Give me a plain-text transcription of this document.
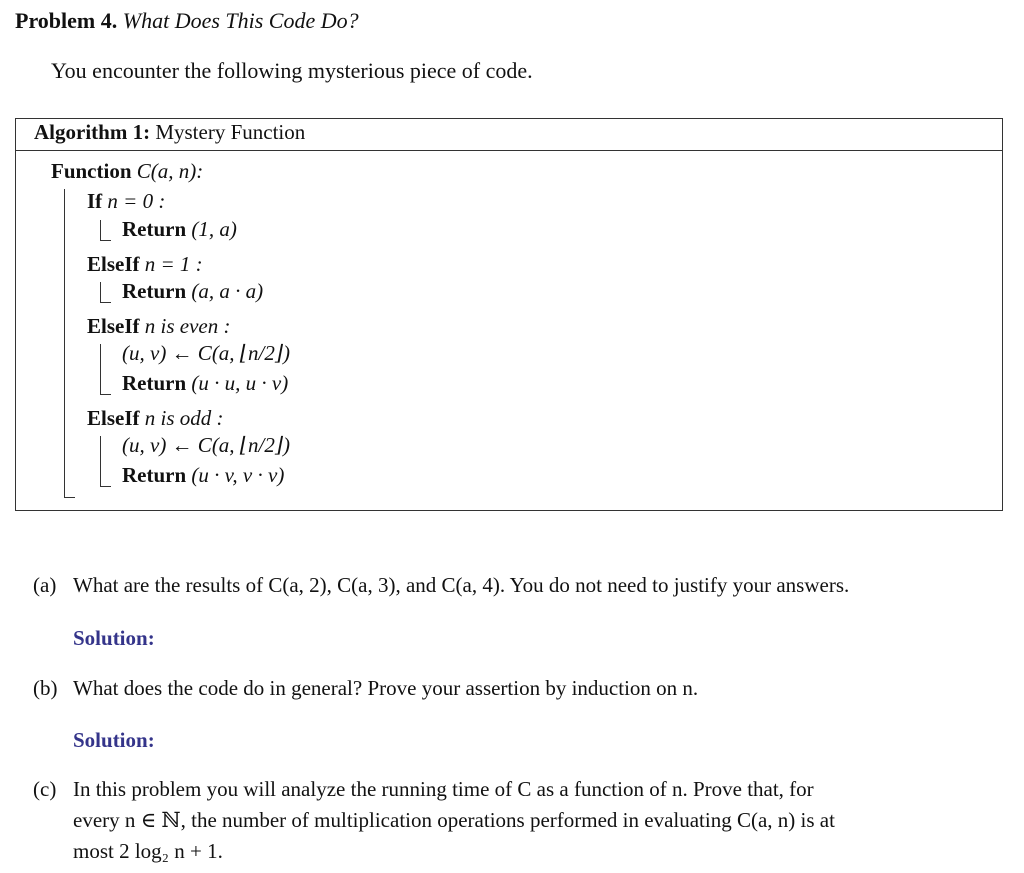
Problem 4. What Does This Code Do?
You encounter the following mysterious piece of code.
Algorithm 1: Mystery Function
Function C(a, n):
If n = 0 :
Return (1, a)
ElseIf n = 1 :
Return (a, a · a)
ElseIf n is even :
(u, v) ← C(a, ⌊n/2⌋)
Return (u · u, u · v)
ElseIf n is odd :
(u, v) ← C(a, ⌊n/2⌋)
Return (u · v, v · v)
(a) What are the results of C(a, 2), C(a, 3), and C(a, 4). You do not need to justify your answers.
Solution:
(b) What does the code do in general? Prove your assertion by induction on n.
Solution:
(c) In this problem you will analyze the running time of C as a function of n. Prove that, for
every n ∈ ℕ, the number of multiplication operations performed in evaluating C(a, n) is at
most 2 log₂ n + 1.
